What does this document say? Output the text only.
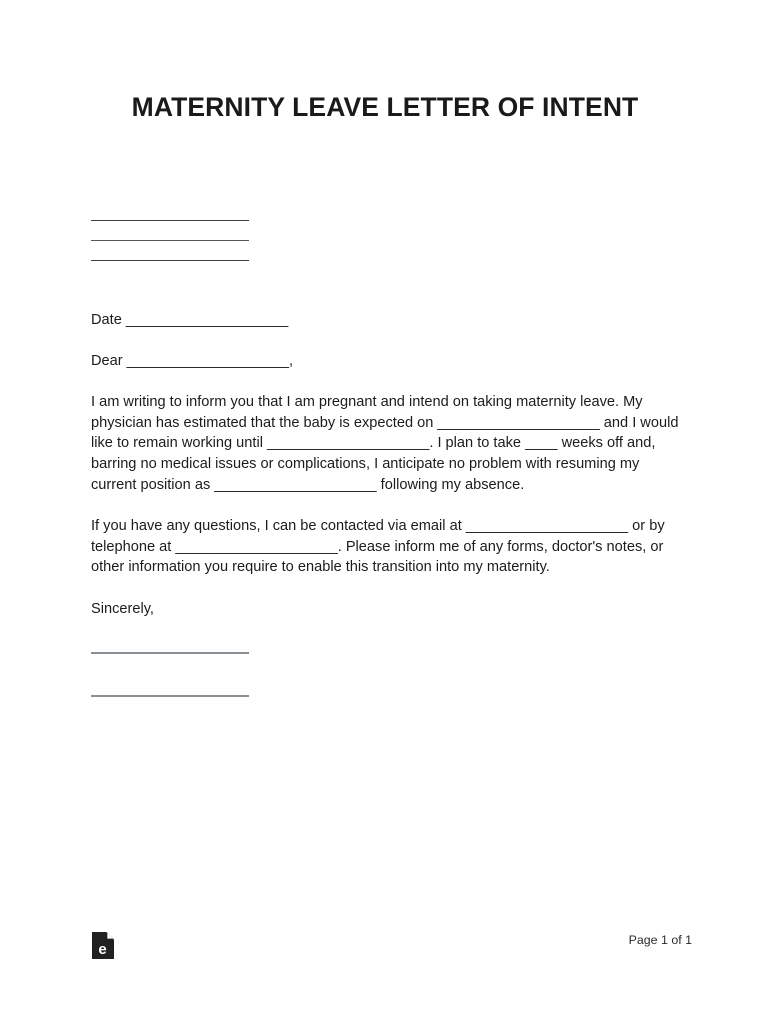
MATERNITY LEAVE LETTER OF INTENT
Date ____________________
Dear ____________________,

I am writing to inform you that I am pregnant and intend on taking maternity leave. My physician has estimated that the baby is expected on ____________________ and I would like to remain working until ____________________. I plan to take ____ weeks off and, barring no medical issues or complications, I anticipate no problem with resuming my current position as ____________________ following my absence.

If you have any questions, I can be contacted via email at ____________________ or by telephone at ____________________. Please inform me of any forms, doctor's notes, or other information you require to enable this transition into my maternity.

Sincerely,

e
Page 1 of 1
